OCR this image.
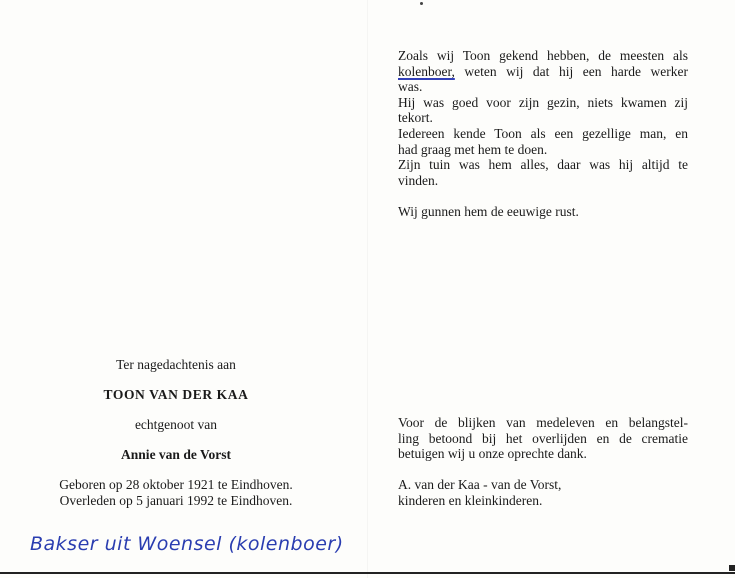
Zoals wij Toon gekend hebben, de meesten als
kolenboer, weten wij dat hij een harde werker
was.
Hij was goed voor zijn gezin, niets kwamen zij
tekort.
Iedereen kende Toon als een gezellige man, en
had graag met hem te doen.
Zijn tuin was hem alles, daar was hij altijd te
vinden.
Wij gunnen hem de eeuwige rust.
Ter nagedachtenis aan
TOON VAN DER KAA
echtgenoot van
Annie van de Vorst
Geboren op 28 oktober 1921 te Eindhoven.
Overleden op 5 januari 1992 te Eindhoven.
Voor de blijken van medeleven en belangstel-
ling betoond bij het overlijden en de crematie
betuigen wij u onze oprechte dank.
A. van der Kaa - van de Vorst,
kinderen en kleinkinderen.
Bakser uit Woensel (kolenboer)
